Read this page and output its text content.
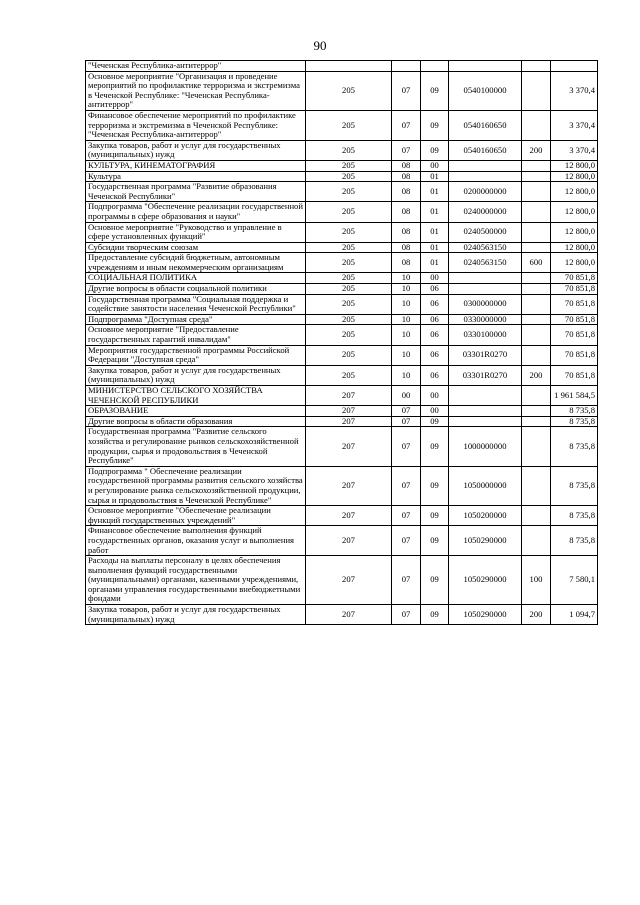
90
"Чеченская Республика-антитеррор"						
Основное мероприятие "Организация и проведение мероприятий по профилактике терроризма и экстремизма в Чеченской Республике: "Чеченская Республика-антитеррор"	205	07	09	0540100000		3 370,4
Финансовое обеспечение мероприятий по профилактике терроризма и экстремизма в Чеченской Республике: "Чеченская Республика-антитеррор"	205	07	09	0540160650		3 370,4
Закупка товаров, работ и услуг для государственных (муниципальных) нужд	205	07	09	0540160650	200	3 370,4
КУЛЬТУРА, КИНЕМАТОГРАФИЯ	205	08	00			12 800,0
Культура	205	08	01			12 800,0
Государственная программа "Развитие образования Чеченской Республики"	205	08	01	0200000000		12 800,0
Подпрограмма "Обеспечение реализации государственной программы в сфере образования и науки"	205	08	01	0240000000		12 800,0
Основное мероприятие "Руководство и управление в сфере установленных функций"	205	08	01	0240500000		12 800,0
Субсидии творческим союзам	205	08	01	0240563150		12 800,0
Предоставление субсидий бюджетным, автономным учреждениям и иным некоммерческим организациям	205	08	01	0240563150	600	12 800,0
СОЦИАЛЬНАЯ ПОЛИТИКА	205	10	00			70 851,8
Другие вопросы в области социальной политики	205	10	06			70 851,8
Государственная программа "Социальная поддержка и содействие занятости населения Чеченской Республики"	205	10	06	0300000000		70 851,8
Подпрограмма "Доступная среда"	205	10	06	0330000000		70 851,8
Основное мероприятие "Предоставление государственных гарантий инвалидам"	205	10	06	0330100000		70 851,8
Мероприятия государственной программы Российской Федерации "Доступная среда"	205	10	06	03301R0270		70 851,8
Закупка товаров, работ и услуг для государственных (муниципальных) нужд	205	10	06	03301R0270	200	70 851,8
МИНИСТЕРСТВО СЕЛЬСКОГО ХОЗЯЙСТВА ЧЕЧЕНСКОЙ РЕСПУБЛИКИ	207	00	00			1 961 584,5
ОБРАЗОВАНИЕ	207	07	00			8 735,8
Другие вопросы в области образования	207	07	09			8 735,8
Государственная программа "Развитие сельского хозяйства и регулирование рынков сельскохозяйственной продукции, сырья и продовольствия в Чеченской Республике"	207	07	09	1000000000		8 735,8
Подпрограмма " Обеспечение реализации государственной программы развития сельского хозяйства и регулирование рынка сельскохозяйственной продукции, сырья и продовольствия в Чеченской Республике"	207	07	09	1050000000		8 735,8
Основное мероприятие "Обеспечение реализации функций государственных учреждений"	207	07	09	1050200000		8 735,8
Финансовое обеспечение выполнения функций государственных органов, оказания услуг и выполнения работ	207	07	09	1050290000		8 735,8
Расходы на выплаты персоналу в целях обеспечения выполнения функций государственными (муниципальными) органами, казенными учреждениями, органами управления государственными внебюджетными фондами	207	07	09	1050290000	100	7 580,1
Закупка товаров, работ и услуг для государственных (муниципальных) нужд	207	07	09	1050290000	200	1 094,7
